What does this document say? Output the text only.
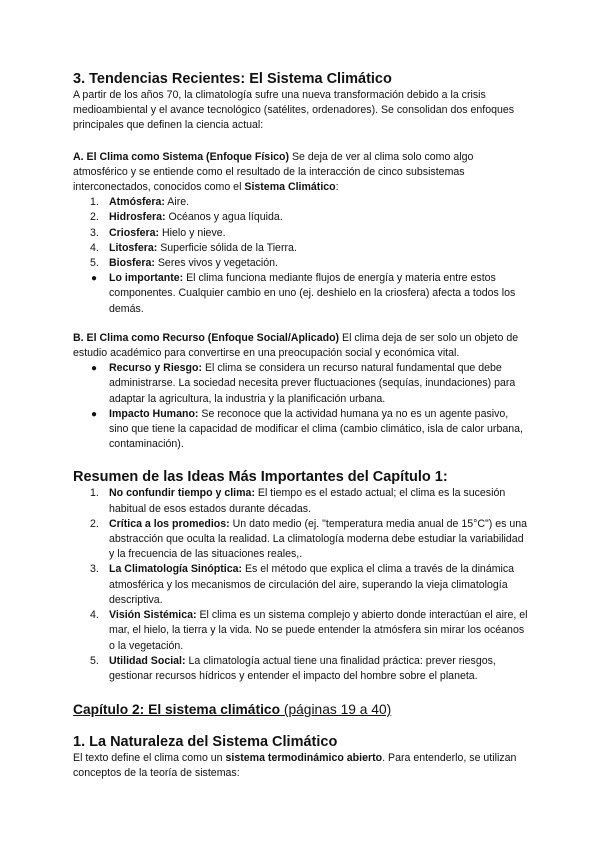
3. Tendencias Recientes: El Sistema Climático

A partir de los años 70, la climatología sufre una nueva transformación debido a la crisis medioambiental y el avance tecnológico (satélites, ordenadores). Se consolidan dos enfoques principales que definen la ciencia actual:

A. El Clima como Sistema (Enfoque Físico) Se deja de ver al clima solo como algo atmosférico y se entiende como el resultado de la interacción de cinco subsistemas interconectados, conocidos como el Sistema Climático:

1. Atmósfera: Aire.
2. Hidrosfera: Océanos y agua líquida.
3. Criosfera: Hielo y nieve.
4. Litosfera: Superficie sólida de la Tierra.
5. Biosfera: Seres vivos y vegetación.
● Lo importante: El clima funciona mediante flujos de energía y materia entre estos componentes. Cualquier cambio en uno (ej. deshielo en la criosfera) afecta a todos los demás.

B. El Clima como Recurso (Enfoque Social/Aplicado) El clima deja de ser solo un objeto de estudio académico para convertirse en una preocupación social y económica vital.

● Recurso y Riesgo: El clima se considera un recurso natural fundamental que debe administrarse. La sociedad necesita prever fluctuaciones (sequías, inundaciones) para adaptar la agricultura, la industria y la planificación urbana.
● Impacto Humano: Se reconoce que la actividad humana ya no es un agente pasivo, sino que tiene la capacidad de modificar el clima (cambio climático, isla de calor urbana, contaminación).
Resumen de las Ideas Más Importantes del Capítulo 1:
1. No confundir tiempo y clima: El tiempo es el estado actual; el clima es la sucesión habitual de esos estados durante décadas.
2. Crítica a los promedios: Un dato medio (ej. "temperatura media anual de 15°C") es una abstracción que oculta la realidad. La climatología moderna debe estudiar la variabilidad y la frecuencia de las situaciones reales,.
3. La Climatología Sinóptica: Es el método que explica el clima a través de la dinámica atmosférica y los mecanismos de circulación del aire, superando la vieja climatología descriptiva.
4. Visión Sistémica: El clima es un sistema complejo y abierto donde interactúan el aire, el mar, el hielo, la tierra y la vida. No se puede entender la atmósfera sin mirar los océanos o la vegetación.
5. Utilidad Social: La climatología actual tiene una finalidad práctica: prever riesgos, gestionar recursos hídricos y entender el impacto del hombre sobre el planeta.
Capítulo 2: El sistema climático (páginas 19 a 40)
1. La Naturaleza del Sistema Climático

El texto define el clima como un sistema termodinámico abierto. Para entenderlo, se utilizan conceptos de la teoría de sistemas:
